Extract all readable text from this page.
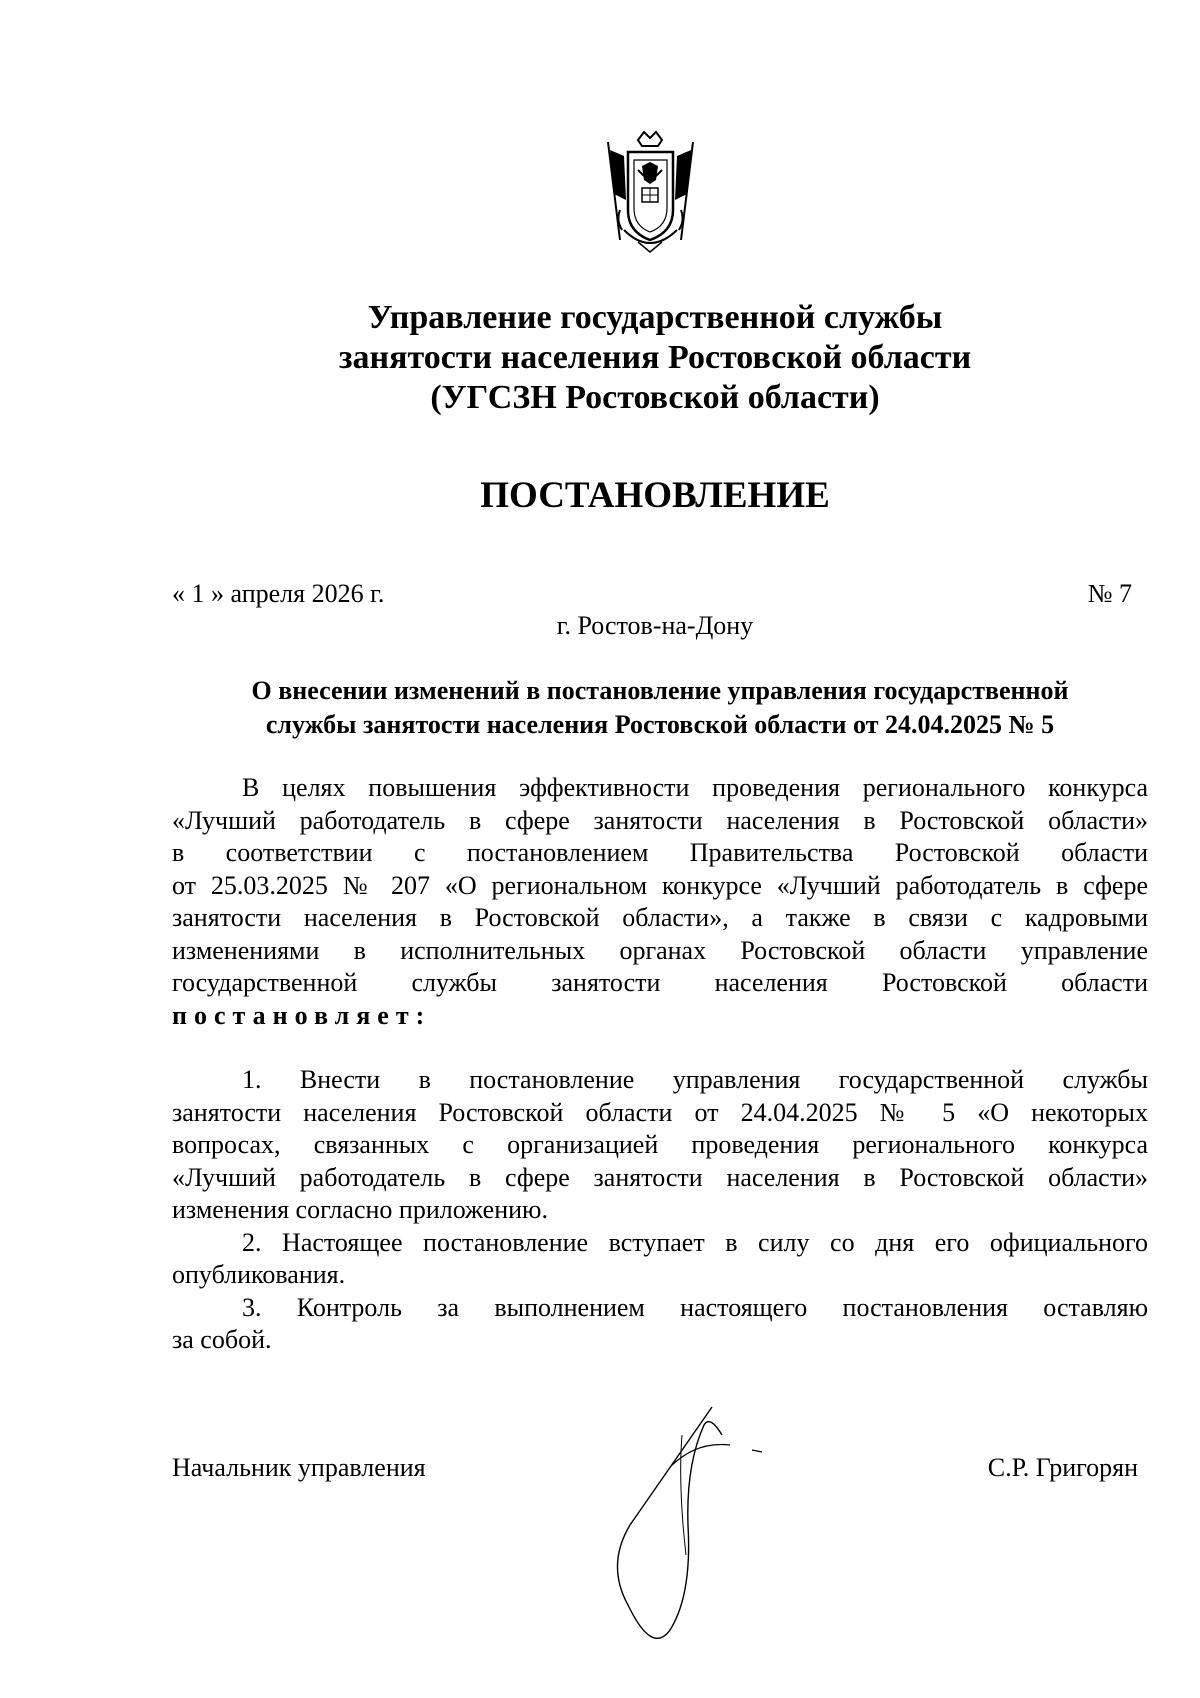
Управление государственной службы
занятости населения Ростовской области
(УГСЗН Ростовской области)
ПОСТАНОВЛЕНИЕ
« 1 » апреля 2026 г.	№ 7
г. Ростов-на-Дону
О внесении изменений в постановление управления государственной
службы занятости населения Ростовской области от 24.04.2025 № 5
В целях повышения эффективности проведения регионального конкурса
«Лучший работодатель в сфере занятости населения в Ростовской области»
в соответствии с постановлением Правительства Ростовской области
от 25.03.2025 № 207 «О региональном конкурсе «Лучший работодатель в сфере
занятости населения в Ростовской области», а также в связи с кадровыми
изменениями в исполнительных органах Ростовской области управление
государственной службы занятости населения Ростовской области
постановляет:
1. Внести в постановление управления государственной службы
занятости населения Ростовской области от 24.04.2025 № 5 «О некоторых
вопросах, связанных с организацией проведения регионального конкурса
«Лучший работодатель в сфере занятости населения в Ростовской области»
изменения согласно приложению.
2. Настоящее постановление вступает в силу со дня его официального
опубликования.
3. Контроль за выполнением настоящего постановления оставляю
за собой.
Начальник управления	С.Р. Григорян
